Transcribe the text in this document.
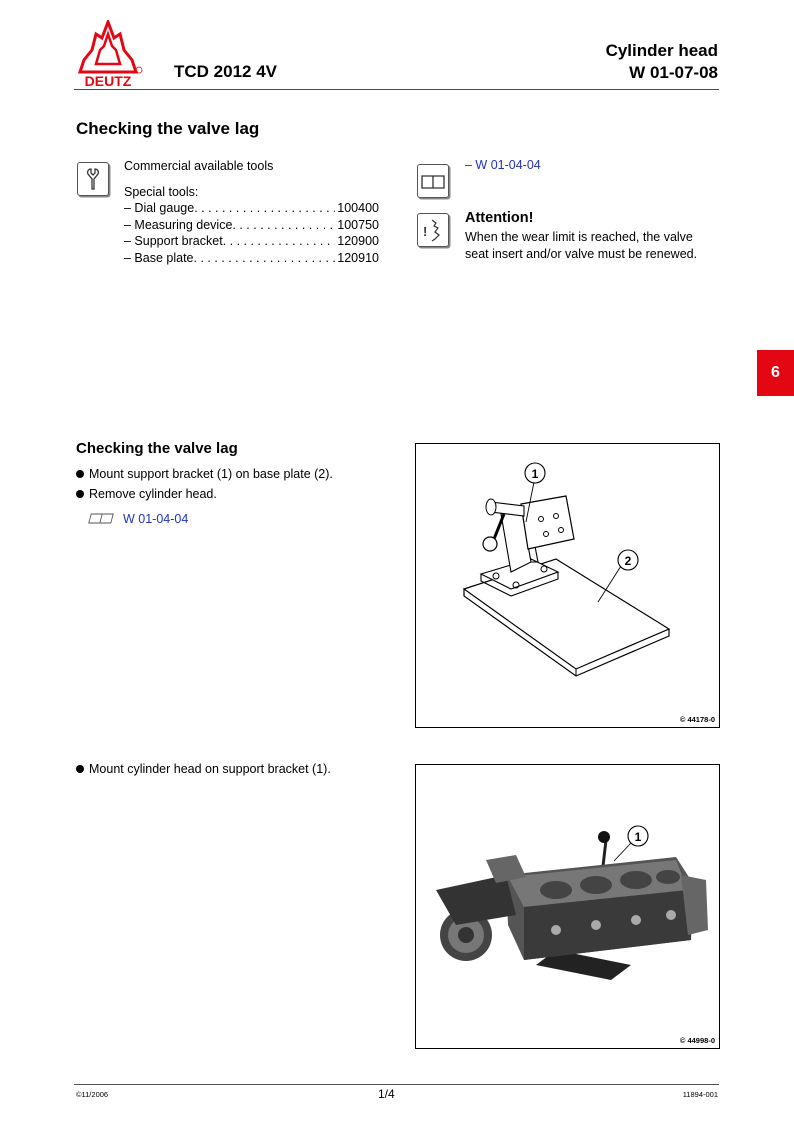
DEUTZ	TCD 2012 4V
Cylinder head
W 01-07-08
Checking the valve lag
Commercial available tools
Special tools:
– Dial gauge . . .	100400
– Measuring device . . .	100750
– Support bracket . . .	120900
– Base plate . . .	120910
– W 01-04-04
!
Attention!
When the wear limit is reached, the valve
seat insert and/or valve must be renewed.
6
Checking the valve lag
Mount support bracket (1) on base plate (2).
Remove cylinder head.
W 01-04-04
1
2
© 44178-0
Mount cylinder head on support bracket (1).
1
© 44998-0
©11/2006	1/4	11894-001
